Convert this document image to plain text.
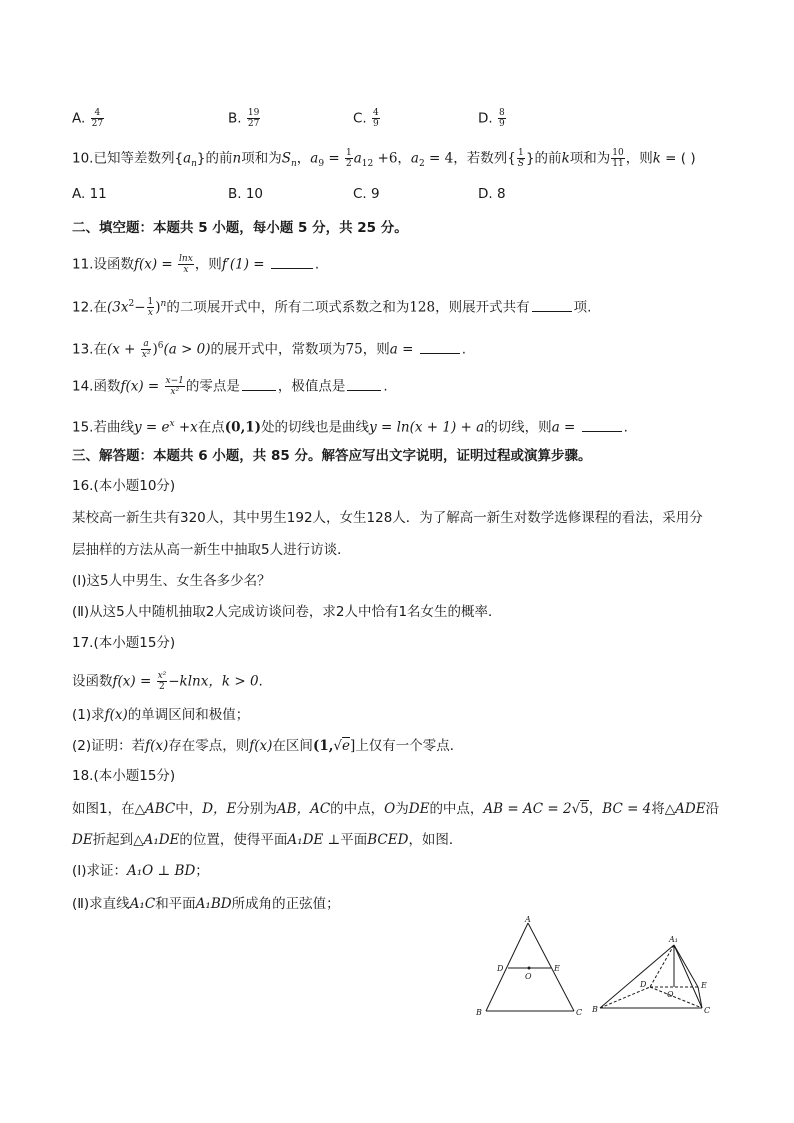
A. $\frac{4}{27}$	B. $\frac{19}{27}$	C. $\frac{4}{9}$	D. $\frac{8}{9}$
10.已知等差数列$\{a_n\}$的前n项和为$S_n$，$a_9 = \frac{1}{2} a_{12} +6$，$a_2 = 4$，若数列{ $\frac{1}{S}$ }的前k项和为 $\frac{10}{11}$ ，则k = ( )
A. 11	B. 10	C. 9	D. 8
二、填空题：本题共 5 小题，每小题 5 分，共 25 分。
11.设函数$f(x) = \frac{\ln x}{x}$ ，则f′(1) =	.
12.在$(3x^2- \frac{1}{x} )^n$的二项展开式中，所有二项式系数之和为128，则展开式共有	项.
13.在$(x + \frac{a}{\text{x²}} )^6(a > 0)$的展开式中，常数项为75，则a =	.
14.函数$f(x) = \frac{x-1}{\text{x²}}$ 的零点是	，极值点是	.
15.若曲线$y = e^x +x$在点(0,1)处的切线也是曲线y = ln(x + 1) + a的切线，则a =	.
三、解答题：本题共 6 小题，共 85 分。解答应写出文字说明，证明过程或演算步骤。
16.(本小题10分)
某校高一新生共有320人，其中男生192人，女生128人．为了解高一新生对数学选修课程的看法，采用分
层抽样的方法从高一新生中抽取5人进行访谈．
(Ⅰ)这5人中男生、女生各多少名？
(Ⅱ)从这5人中随机抽取2人完成访谈问卷，求2人中恰有1名女生的概率．
17.(本小题15分)
设函数$f(x) = \frac{\text{x²}}{2} -klnx$，k > 0.
(1)求f(x)的单调区间和极值；
(2)证明：若f(x)存在零点，则f(x)在区间(1,√e]上仅有一个零点．
18.(本小题15分)
如图1，在△ABC中，D，E分别为AB，AC的中点，O为DE的中点，AB = AC = 2√5，BC = 4将△ADE沿
DE折起到△A₁DE的位置，使得平面A₁DE ⊥平面BCED，如图．
(Ⅰ)求证：A₁O ⊥ BD；
(Ⅱ)求直线A₁C和平面A₁BD所成角的正弦值；
A
B	C
D	E
O
A₁
B	C
D	E
O
